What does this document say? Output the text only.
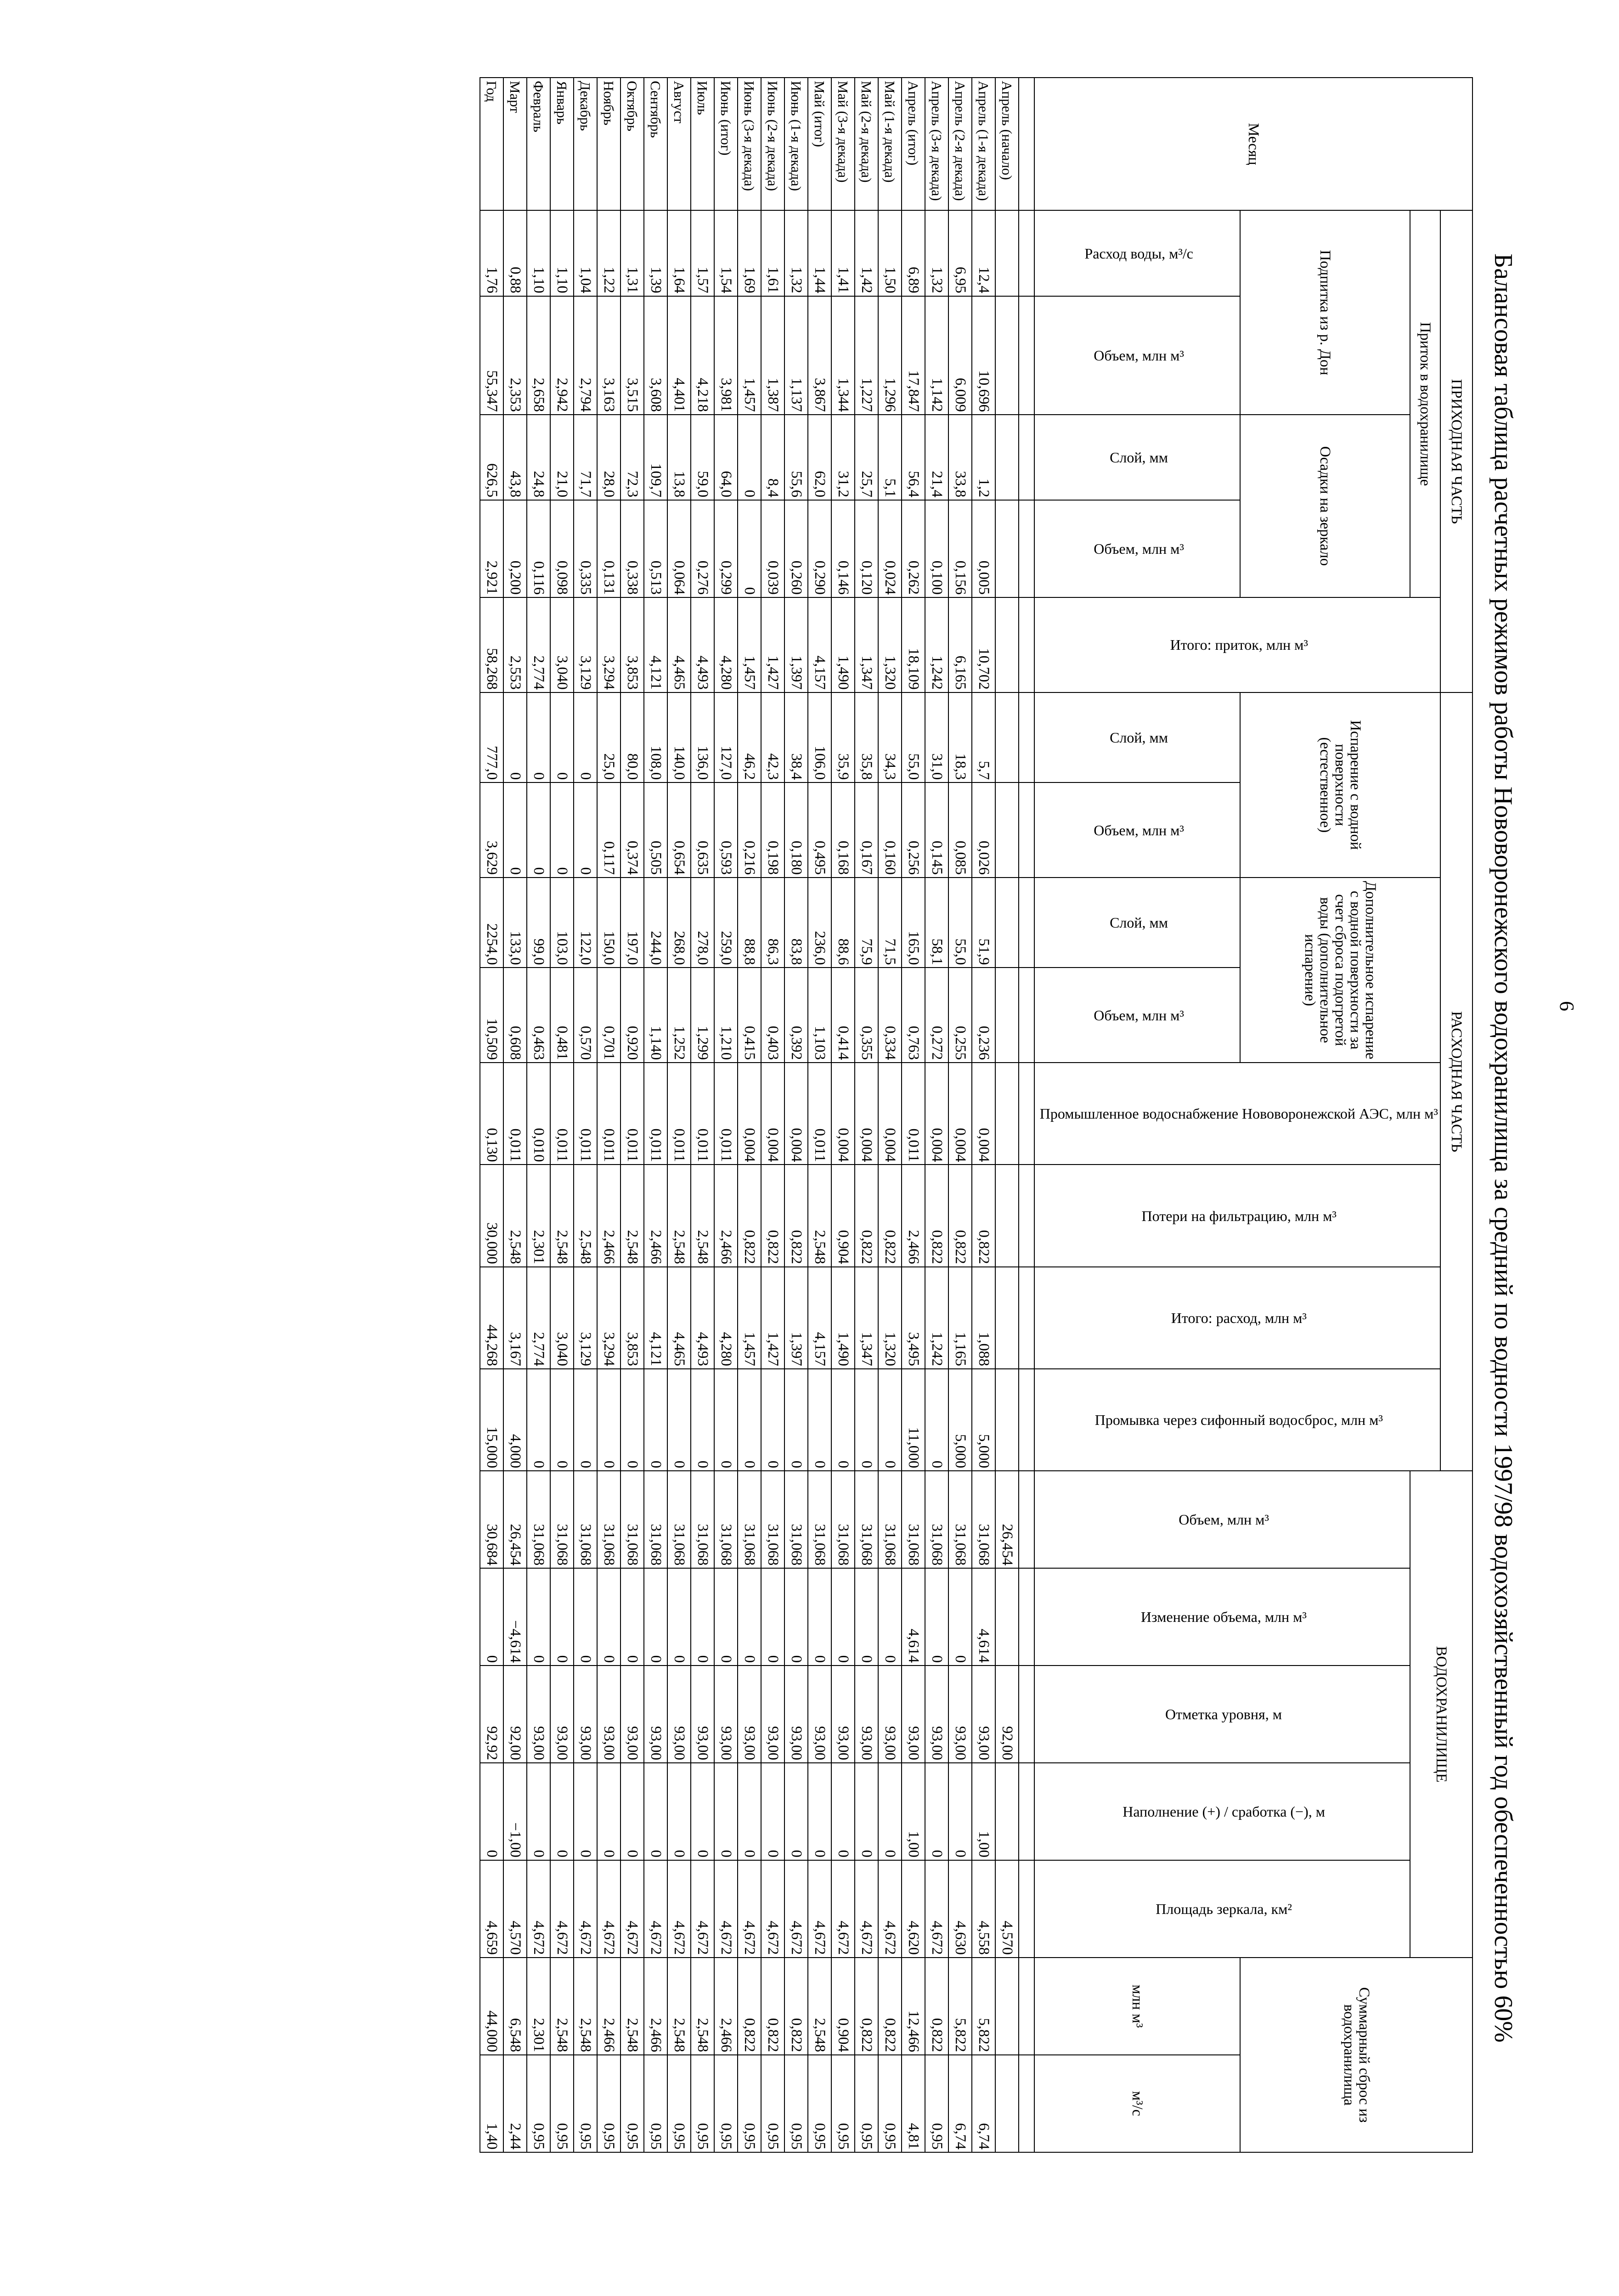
6
Балансовая таблица расчетных режимов работы Нововоронежского водохранилища за средний по водности 1997/98 водохозяйственный год обеспеченностью 60%
Месяц	ПРИХОДНАЯ ЧАСТЬ					РАСХОДНАЯ ЧАСТЬ								ВОДОХРАНИЛИЩЕ					Суммарный сброс из водохранилища	
	Приток в водохранилище				Итого: приток, млн м³	Испарение с водной поверхности (естественное)		Дополнительное испарение с водной поверхности за счет сброса подогретой воды (дополнительное испарение)		Промышленное водоснабжение Нововоронежской АЭС, млн м³	Потери на фильтрацию, млн м³	Итого: расход, млн м³	Промывка через сифонный водосброс, млн м³							
	Подпитка из р. Дон		Осадки на зеркало											Объем, млн м³	Изменение объема, млн м³	Отметка уровня, м	Наполнение (+) / сработка (−), м	Площадь зеркала, км²		
	Расход воды, м³/с	Объем, млн м³	Слой, мм	Объем, млн м³		Слой, мм	Объем, млн м³	Слой, мм	Объем, млн м³										млн м³	м³/с

Апрель (начало)														26,454		92,00		4,570		
Апрель (1-я декада)	12,4	10,696	1,2	0,005	10,702	5,7	0,026	51,9	0,236	0,004	0,822	1,088	5,000	31,068	4,614	93,00	1,00	4,558	5,822	6,74
Апрель (2-я декада)	6,95	6,009	33,8	0,156	6,165	18,3	0,085	55,0	0,255	0,004	0,822	1,165	5,000	31,068	0	93,00	0	4,630	5,822	6,74
Апрель (3-я декада)	1,32	1,142	21,4	0,100	1,242	31,0	0,145	58,1	0,272	0,004	0,822	1,242	0	31,068	0	93,00	0	4,672	0,822	0,95
Апрель (итог)	6,89	17,847	56,4	0,262	18,109	55,0	0,256	165,0	0,763	0,011	2,466	3,495	11,000	31,068	4,614	93,00	1,00	4,620	12,466	4,81
Май (1-я декада)	1,50	1,296	5,1	0,024	1,320	34,3	0,160	71,5	0,334	0,004	0,822	1,320	0	31,068	0	93,00	0	4,672	0,822	0,95
Май (2-я декада)	1,42	1,227	25,7	0,120	1,347	35,8	0,167	75,9	0,355	0,004	0,822	1,347	0	31,068	0	93,00	0	4,672	0,822	0,95
Май (3-я декада)	1,41	1,344	31,2	0,146	1,490	35,9	0,168	88,6	0,414	0,004	0,904	1,490	0	31,068	0	93,00	0	4,672	0,904	0,95
Май (итог)	1,44	3,867	62,0	0,290	4,157	106,0	0,495	236,0	1,103	0,011	2,548	4,157	0	31,068	0	93,00	0	4,672	2,548	0,95
Июнь (1-я декада)	1,32	1,137	55,6	0,260	1,397	38,4	0,180	83,8	0,392	0,004	0,822	1,397	0	31,068	0	93,00	0	4,672	0,822	0,95
Июнь (2-я декада)	1,61	1,387	8,4	0,039	1,427	42,3	0,198	86,3	0,403	0,004	0,822	1,427	0	31,068	0	93,00	0	4,672	0,822	0,95
Июнь (3-я декада)	1,69	1,457	0	0	1,457	46,2	0,216	88,8	0,415	0,004	0,822	1,457	0	31,068	0	93,00	0	4,672	0,822	0,95
Июнь (итог)	1,54	3,981	64,0	0,299	4,280	127,0	0,593	259,0	1,210	0,011	2,466	4,280	0	31,068	0	93,00	0	4,672	2,466	0,95
Июль	1,57	4,218	59,0	0,276	4,493	136,0	0,635	278,0	1,299	0,011	2,548	4,493	0	31,068	0	93,00	0	4,672	2,548	0,95
Август	1,64	4,401	13,8	0,064	4,465	140,0	0,654	268,0	1,252	0,011	2,548	4,465	0	31,068	0	93,00	0	4,672	2,548	0,95
Сентябрь	1,39	3,608	109,7	0,513	4,121	108,0	0,505	244,0	1,140	0,011	2,466	4,121	0	31,068	0	93,00	0	4,672	2,466	0,95
Октябрь	1,31	3,515	72,3	0,338	3,853	80,0	0,374	197,0	0,920	0,011	2,548	3,853	0	31,068	0	93,00	0	4,672	2,548	0,95
Ноябрь	1,22	3,163	28,0	0,131	3,294	25,0	0,117	150,0	0,701	0,011	2,466	3,294	0	31,068	0	93,00	0	4,672	2,466	0,95
Декабрь	1,04	2,794	71,7	0,335	3,129	0	0	122,0	0,570	0,011	2,548	3,129	0	31,068	0	93,00	0	4,672	2,548	0,95
Январь	1,10	2,942	21,0	0,098	3,040	0	0	103,0	0,481	0,011	2,548	3,040	0	31,068	0	93,00	0	4,672	2,548	0,95
Февраль	1,10	2,658	24,8	0,116	2,774	0	0	99,0	0,463	0,010	2,301	2,774	0	31,068	0	93,00	0	4,672	2,301	0,95
Март	0,88	2,353	43,8	0,200	2,553	0	0	133,0	0,608	0,011	2,548	3,167	4,000	26,454	−4,614	92,00	−1,00	4,570	6,548	2,44
Год	1,76	55,347	626,5	2,921	58,268	777,0	3,629	2254,0	10,509	0,130	30,000	44,268	15,000	30,684	0	92,92	0	4,659	44,000	1,40
